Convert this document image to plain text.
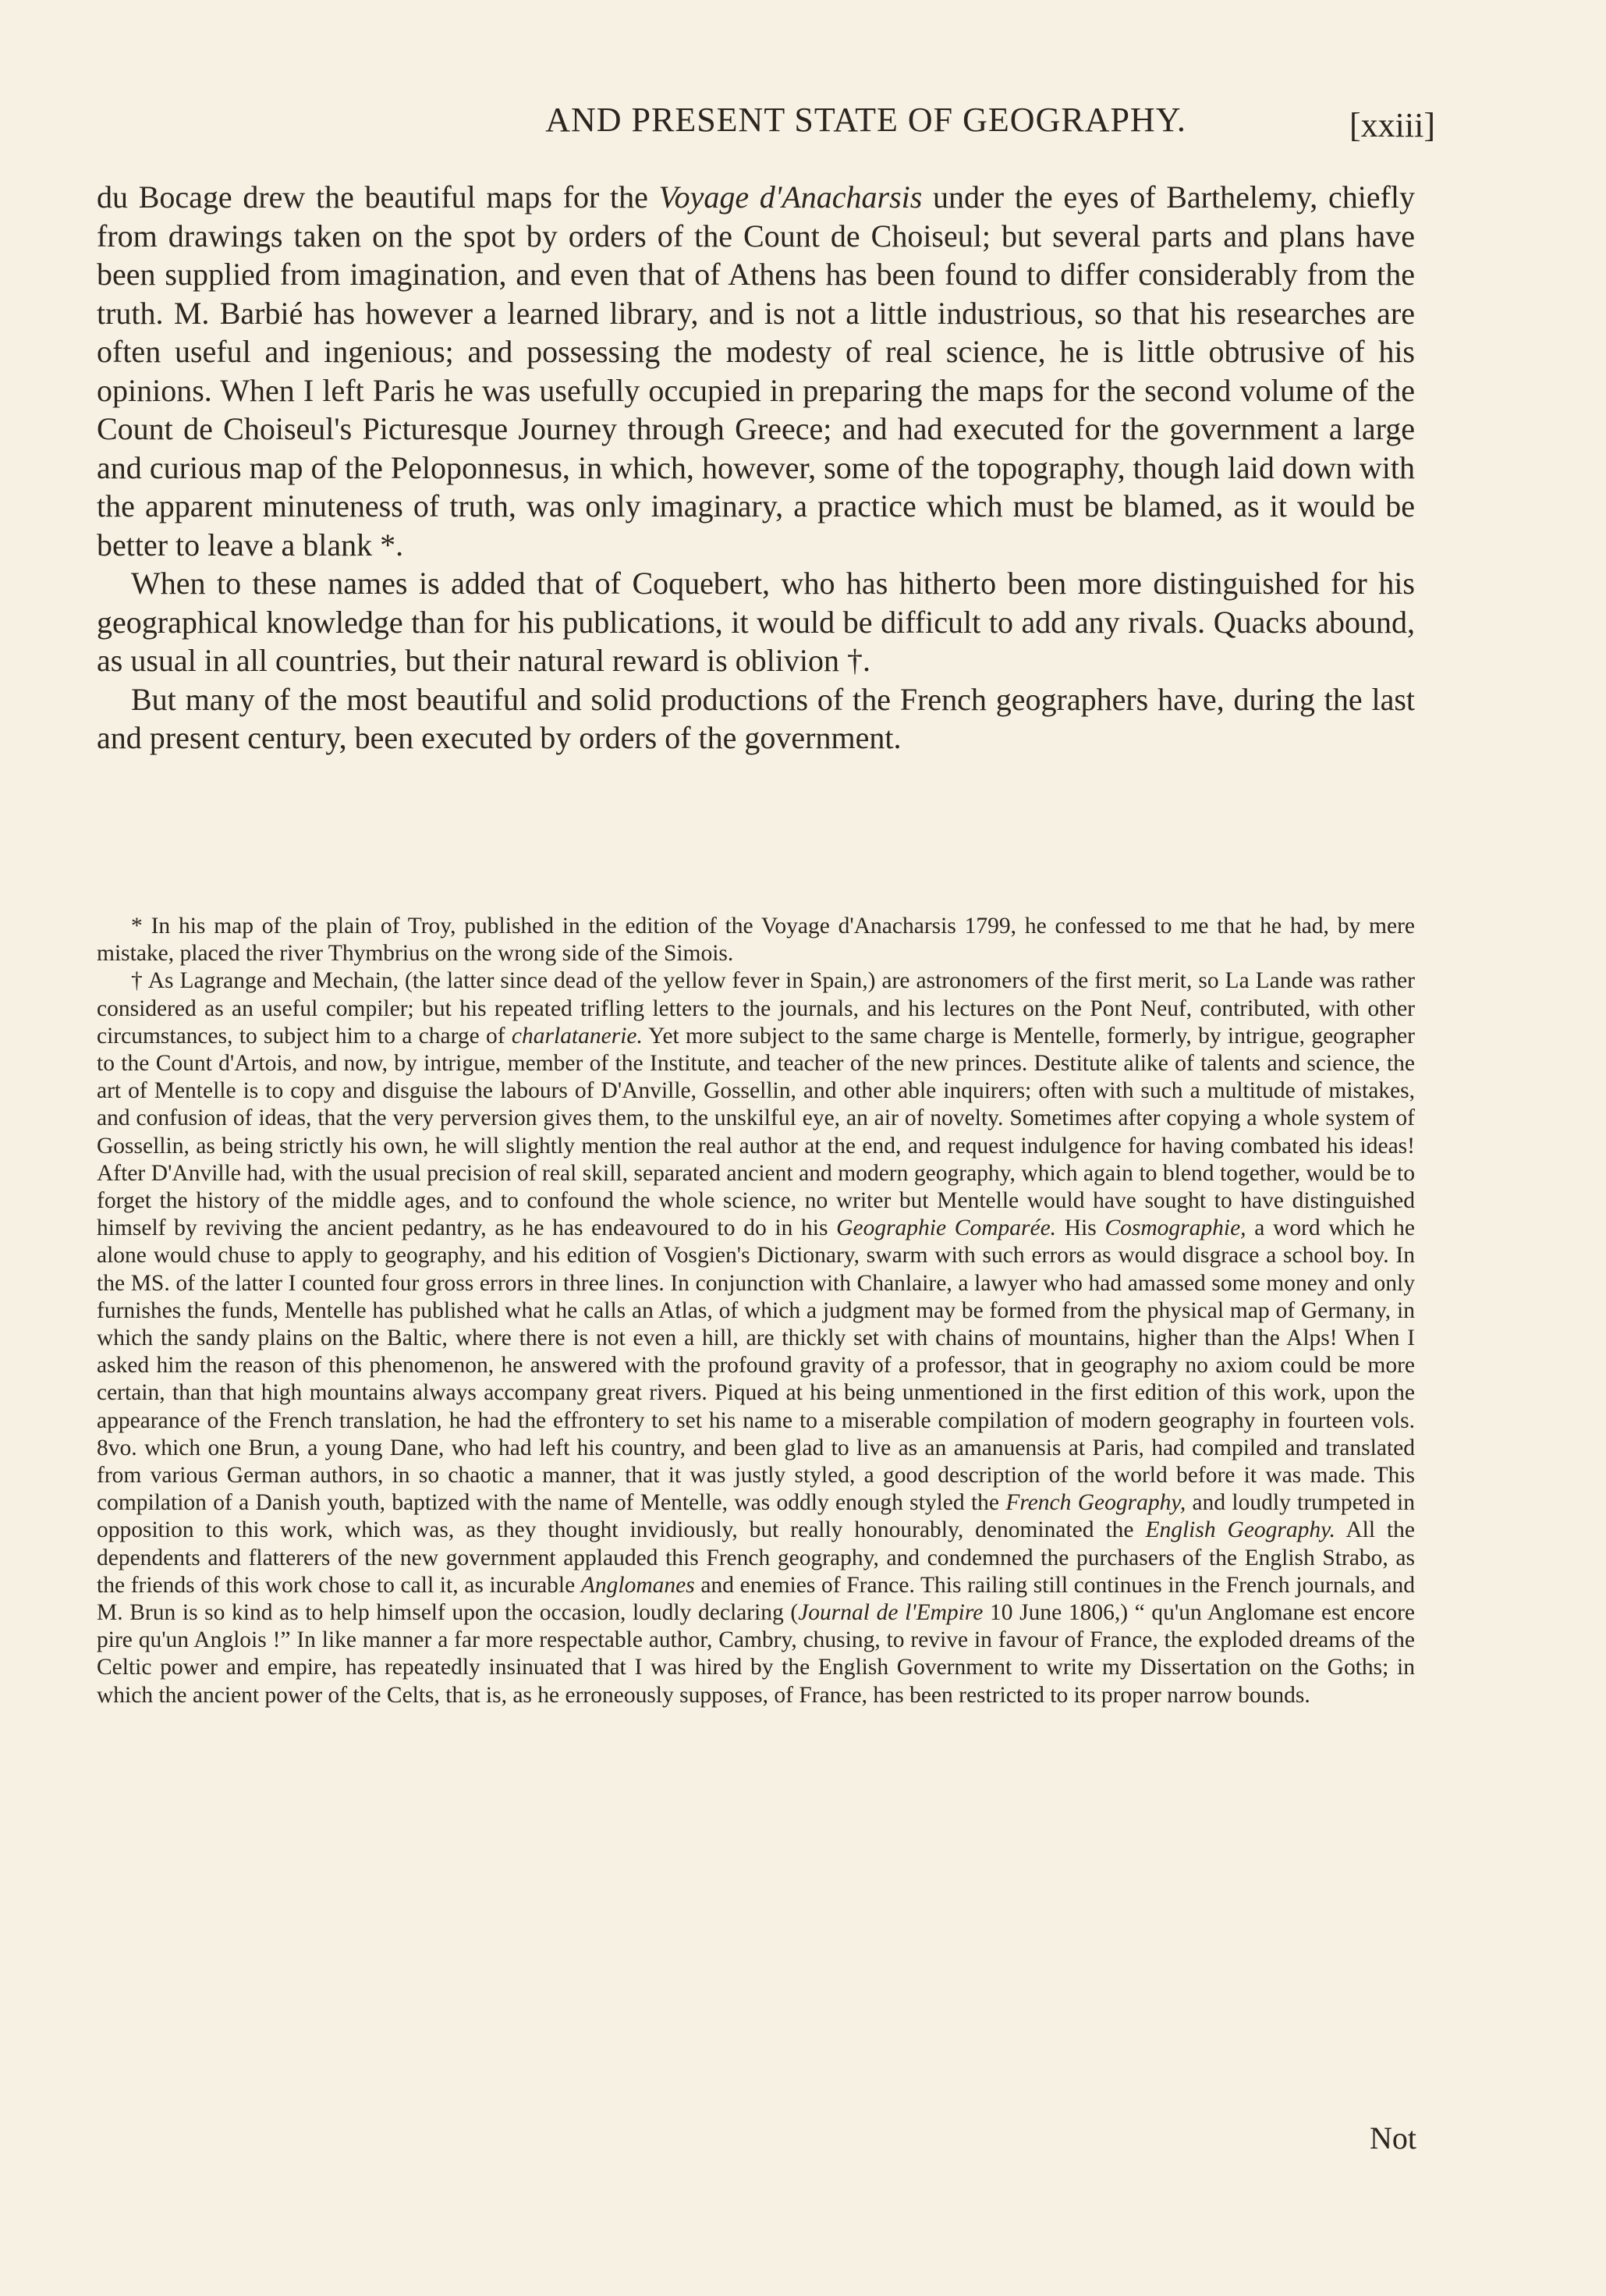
AND PRESENT STATE OF GEOGRAPHY.	[xxiii]

du Bocage drew the beautiful maps for the Voyage d'Anacharsis under the eyes of Barthelemy, chiefly from drawings taken on the spot by orders of the Count de Choiseul; but several parts and plans have been supplied from imagination, and even that of Athens has been found to differ considerably from the truth. M. Barbié has however a learned library, and is not a little industrious, so that his researches are often useful and ingenious; and possessing the modesty of real science, he is little obtrusive of his opinions. When I left Paris he was usefully occupied in preparing the maps for the second volume of the Count de Choiseul's Picturesque Journey through Greece; and had executed for the government a large and curious map of the Peloponnesus, in which, however, some of the topography, though laid down with the apparent minuteness of truth, was only imaginary, a practice which must be blamed, as it would be better to leave a blank *.

When to these names is added that of Coquebert, who has hitherto been more distinguished for his geographical knowledge than for his publications, it would be difficult to add any rivals. Quacks abound, as usual in all countries, but their natural reward is oblivion †.

But many of the most beautiful and solid productions of the French geographers have, during the last and present century, been executed by orders of the government.

* In his map of the plain of Troy, published in the edition of the Voyage d'Anacharsis 1799, he confessed to me that he had, by mere mistake, placed the river Thymbrius on the wrong side of the Simois.

† As Lagrange and Mechain, (the latter since dead of the yellow fever in Spain,) are astronomers of the first merit, so La Lande was rather considered as an useful compiler; but his repeated trifling letters to the journals, and his lectures on the Pont Neuf, contributed, with other circumstances, to subject him to a charge of charlatanerie. Yet more subject to the same charge is Mentelle, formerly, by intrigue, geographer to the Count d'Artois, and now, by intrigue, member of the Institute, and teacher of the new princes. Destitute alike of talents and science, the art of Mentelle is to copy and disguise the labours of D'Anville, Gossellin, and other able inquirers; often with such a multitude of mistakes, and confusion of ideas, that the very perversion gives them, to the unskilful eye, an air of novelty. Sometimes after copying a whole system of Gossellin, as being strictly his own, he will slightly mention the real author at the end, and request indulgence for having combated his ideas! After D'Anville had, with the usual precision of real skill, separated ancient and modern geography, which again to blend together, would be to forget the history of the middle ages, and to confound the whole science, no writer but Mentelle would have sought to have distinguished himself by reviving the ancient pedantry, as he has endeavoured to do in his Geographie Comparée. His Cosmographie, a word which he alone would chuse to apply to geography, and his edition of Vosgien's Dictionary, swarm with such errors as would disgrace a school boy. In the MS. of the latter I counted four gross errors in three lines. In conjunction with Chanlaire, a lawyer who had amassed some money and only furnishes the funds, Mentelle has published what he calls an Atlas, of which a judgment may be formed from the physical map of Germany, in which the sandy plains on the Baltic, where there is not even a hill, are thickly set with chains of mountains, higher than the Alps! When I asked him the reason of this phenomenon, he answered with the profound gravity of a professor, that in geography no axiom could be more certain, than that high mountains always accompany great rivers. Piqued at his being unmentioned in the first edition of this work, upon the appearance of the French translation, he had the effrontery to set his name to a miserable compilation of modern geography in fourteen vols. 8vo. which one Brun, a young Dane, who had left his country, and been glad to live as an amanuensis at Paris, had compiled and translated from various German authors, in so chaotic a manner, that it was justly styled, a good description of the world before it was made. This compilation of a Danish youth, baptized with the name of Mentelle, was oddly enough styled the French Geography, and loudly trumpeted in opposition to this work, which was, as they thought invidiously, but really honourably, denominated the English Geography. All the dependents and flatterers of the new government applauded this French geography, and condemned the purchasers of the English Strabo, as the friends of this work chose to call it, as incurable Anglomanes and enemies of France. This railing still continues in the French journals, and M. Brun is so kind as to help himself upon the occasion, loudly declaring (Journal de l'Empire 10 June 1806,) “ qu'un Anglomane est encore pire qu'un Anglois !” In like manner a far more respectable author, Cambry, chusing, to revive in favour of France, the exploded dreams of the Celtic power and empire, has repeatedly insinuated that I was hired by the English Government to write my Dissertation on the Goths; in which the ancient power of the Celts, that is, as he erroneously supposes, of France, has been restricted to its proper narrow bounds.

Not
